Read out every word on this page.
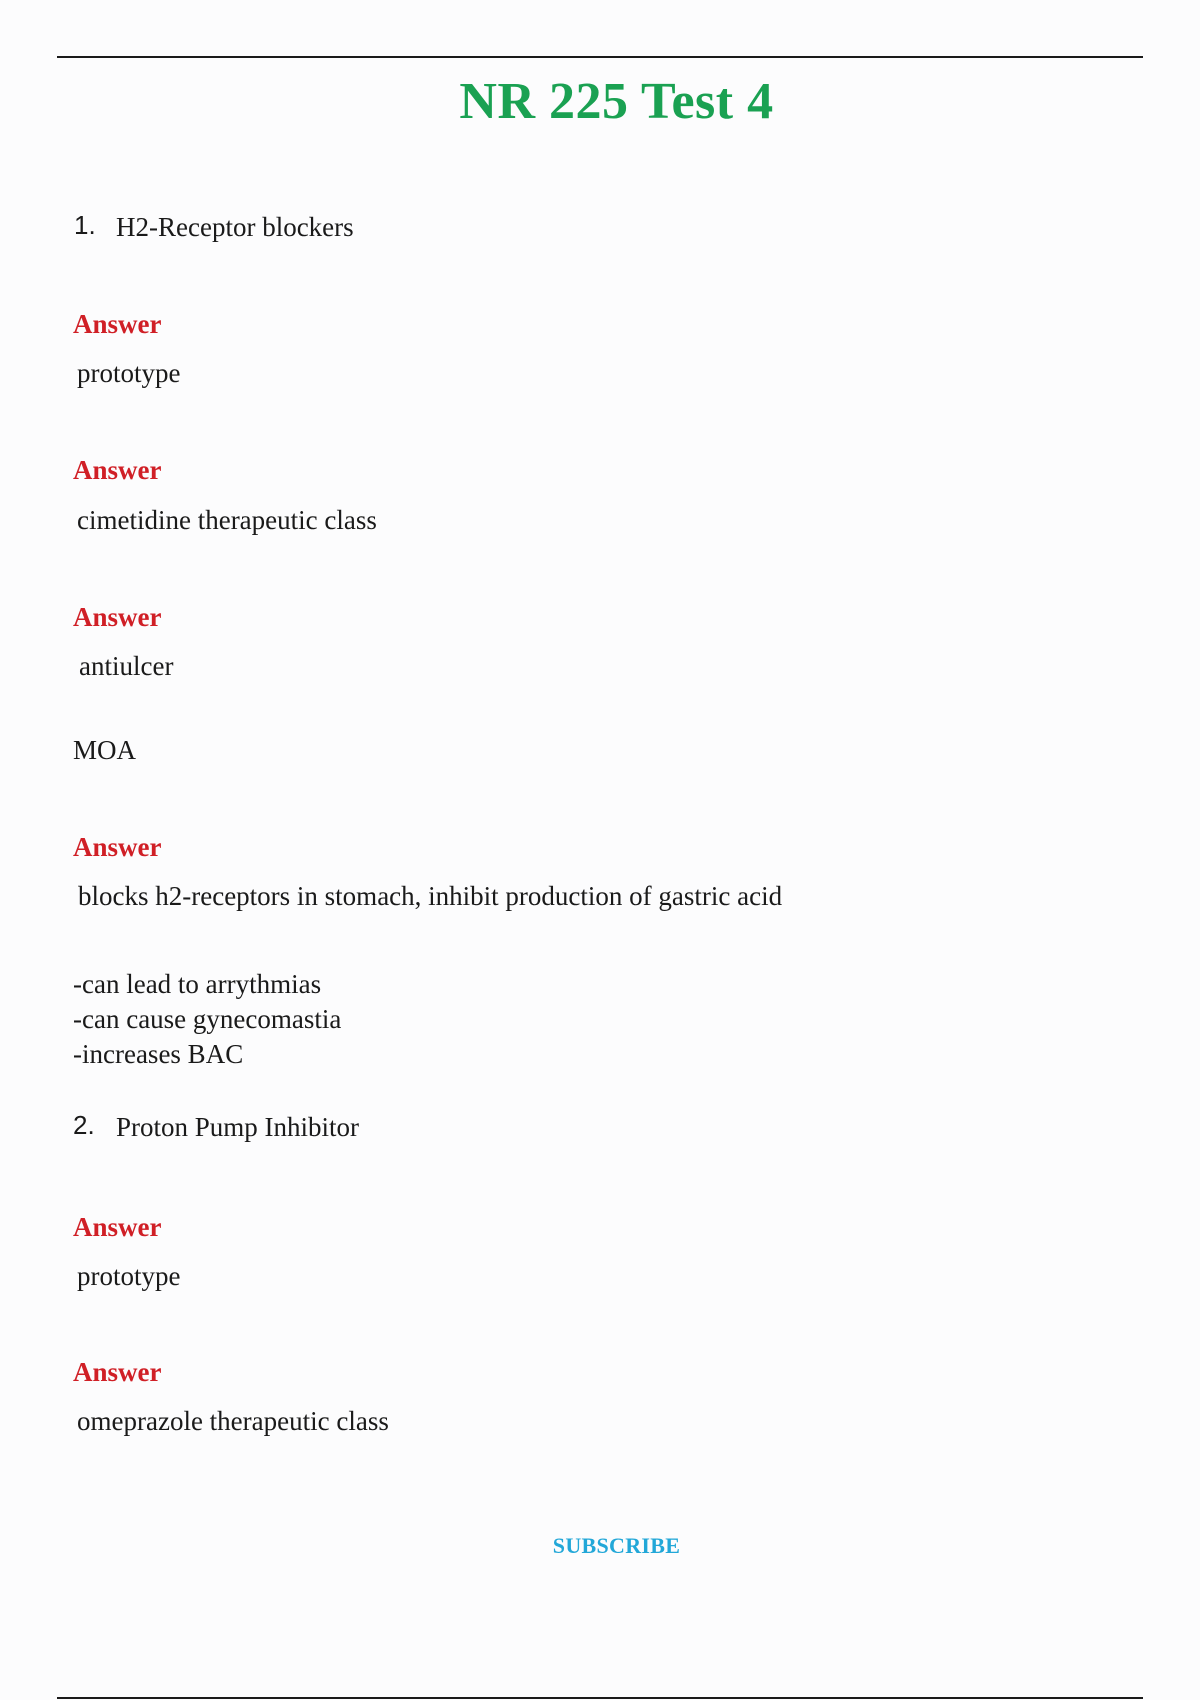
NR 225 Test 4
1. H2-Receptor blockers
Answer
prototype
Answer
cimetidine therapeutic class
Answer
antiulcer
MOA
Answer
blocks h2-receptors in stomach, inhibit production of gastric acid
-can lead to arrythmias
-can cause gynecomastia
-increases BAC
2. Proton Pump Inhibitor
Answer
prototype
Answer
omeprazole therapeutic class
SUBSCRIBE
